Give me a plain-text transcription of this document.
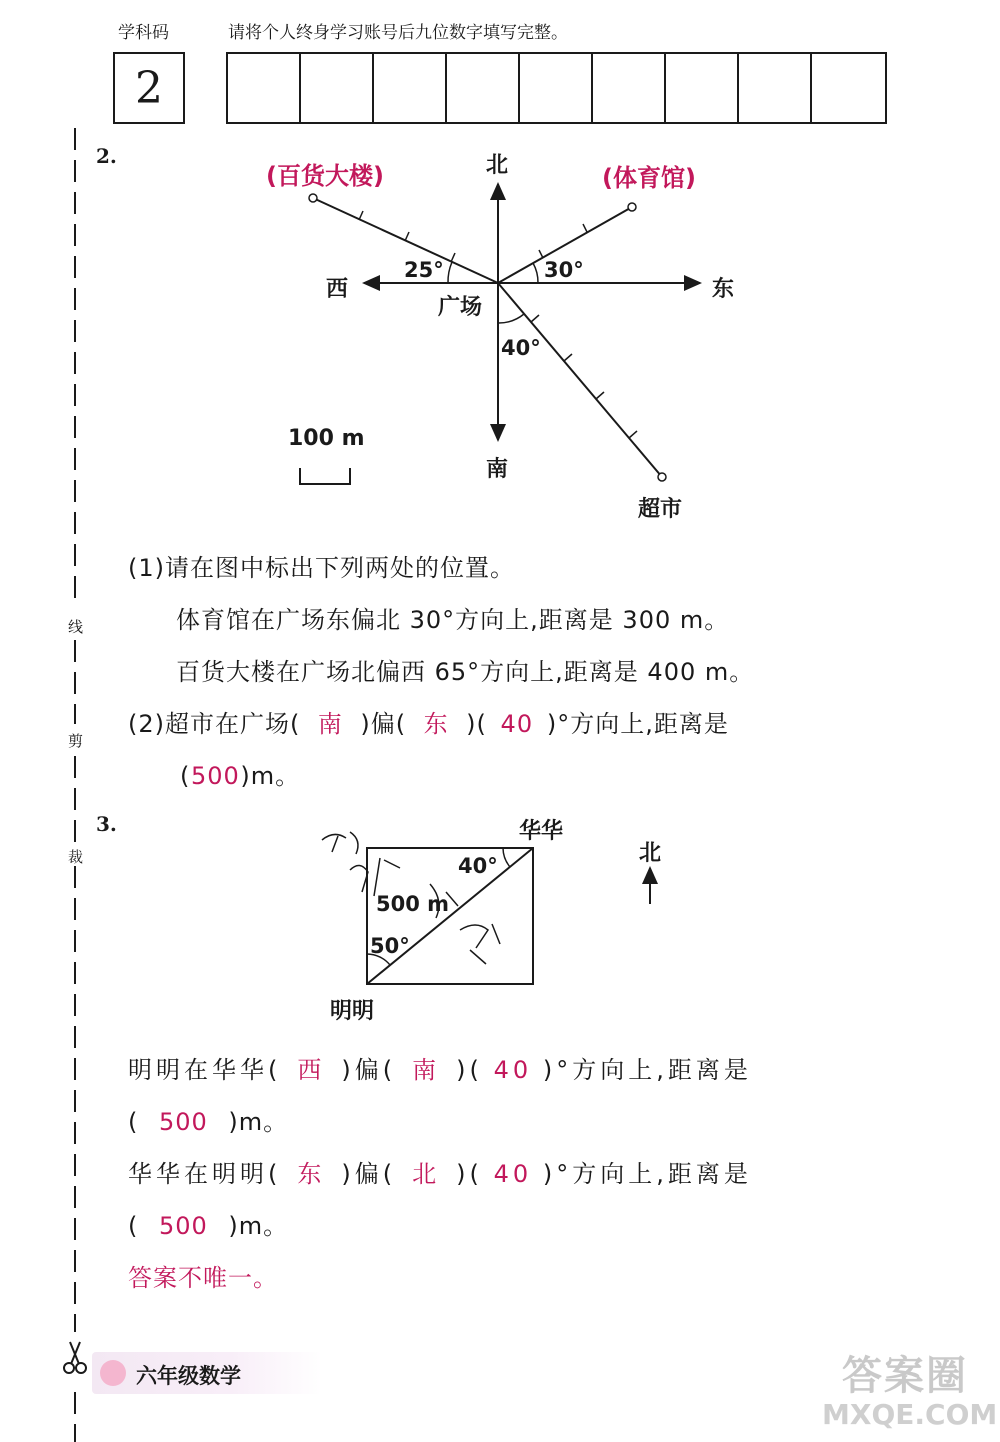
学科码	请将个人终身学习账号后九位数字填写完整。
2
线
剪
裁
2.	北
南
东
西
广场
25°	30°
40°
(百货大楼)	(体育馆)
超市
100 m
(1)请在图中标出下列两处的位置。
体育馆在广场东偏北 30°方向上,距离是 300 m。
百货大楼在广场北偏西 65°方向上,距离是 400 m。
(2)超市在广场( 南 )偏( 东 )( 40 )°方向上,距离是
(500)m。
3.	华华
明明
北
40°
50°
500 m
明明在华华( 西 )偏( 南 )( 40 )°方向上,距离是
( 500 )m。
华华在明明( 东 )偏( 北 )( 40 )°方向上,距离是
( 500 )m。
答案不唯一。
六年级数学	答案圈
MXQE.COM
